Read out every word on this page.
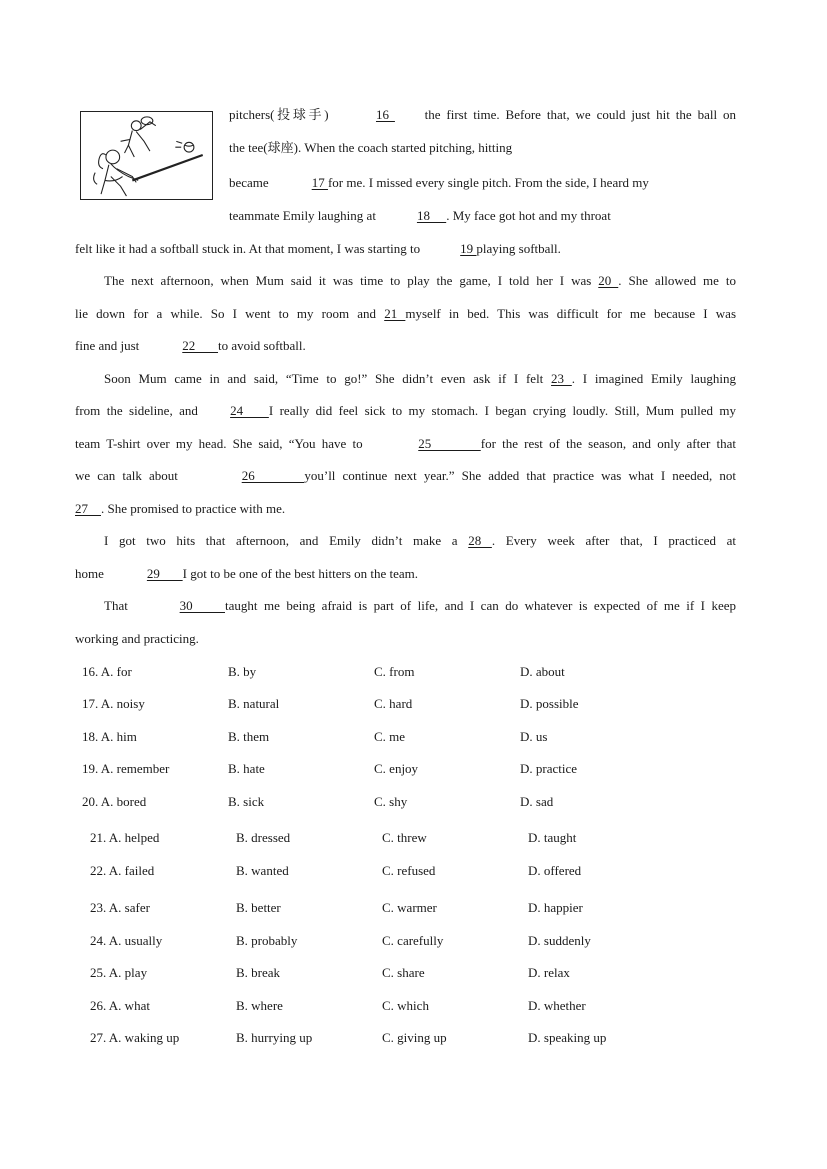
pitchers(投球手)	16      the first time. Before that, we could just hit the ball on
the tee(球座). When the coach started pitching, hitting
became	17 for me. I missed every single pitch. From the side, I heard my
teammate Emily laughing at	18     . My face got hot and my throat
felt like it had a softball stuck in. At that moment, I was starting to	19 playing softball.
The next afternoon, when Mum said it was time to play the game, I told her I was 20 . She allowed me to
lie down for a while. So I went to my room and 21 myself in bed. This was difficult for me because I was
fine and just	22       to avoid softball.
Soon Mum came in and said, “Time to go!” She didn’t even ask if I felt 23 . I imagined Emily laughing
from the sideline, and 24    I really did feel sick to my stomach. I began crying loudly. Still, Mum pulled my
team T-shirt over my head. She said, “You have to	25        for the rest of the season, and only after that
we can talk about	26       you’ll continue next year.” She added that practice was what I needed, not
27    . She promised to practice with me.
I got two hits that afternoon, and Emily didn’t make a 28 . Every week after that, I practiced at
home	29       I got to be one of the best hitters on the team.
That	30     taught me being afraid is part of life, and I can do whatever is expected of me if I keep
working and practicing.
16. A. for	B. by	C. from	D. about
17. A. noisy	B. natural	C. hard	D. possible
18. A. him	B. them	C. me	D. us
19. A. remember	B. hate	C. enjoy	D. practice
20. A. bored	B. sick	C. shy	D. sad
21. A. helped	B. dressed	C. threw	D. taught
22. A. failed	B. wanted	C. refused	D. offered
23. A. safer	B. better	C. warmer	D. happier
24. A. usually	B. probably	C. carefully	D. suddenly
25. A. play	B. break	C. share	D. relax
26. A. what	B. where	C. which	D. whether
27. A. waking up	B. hurrying up	C. giving up	D. speaking up
